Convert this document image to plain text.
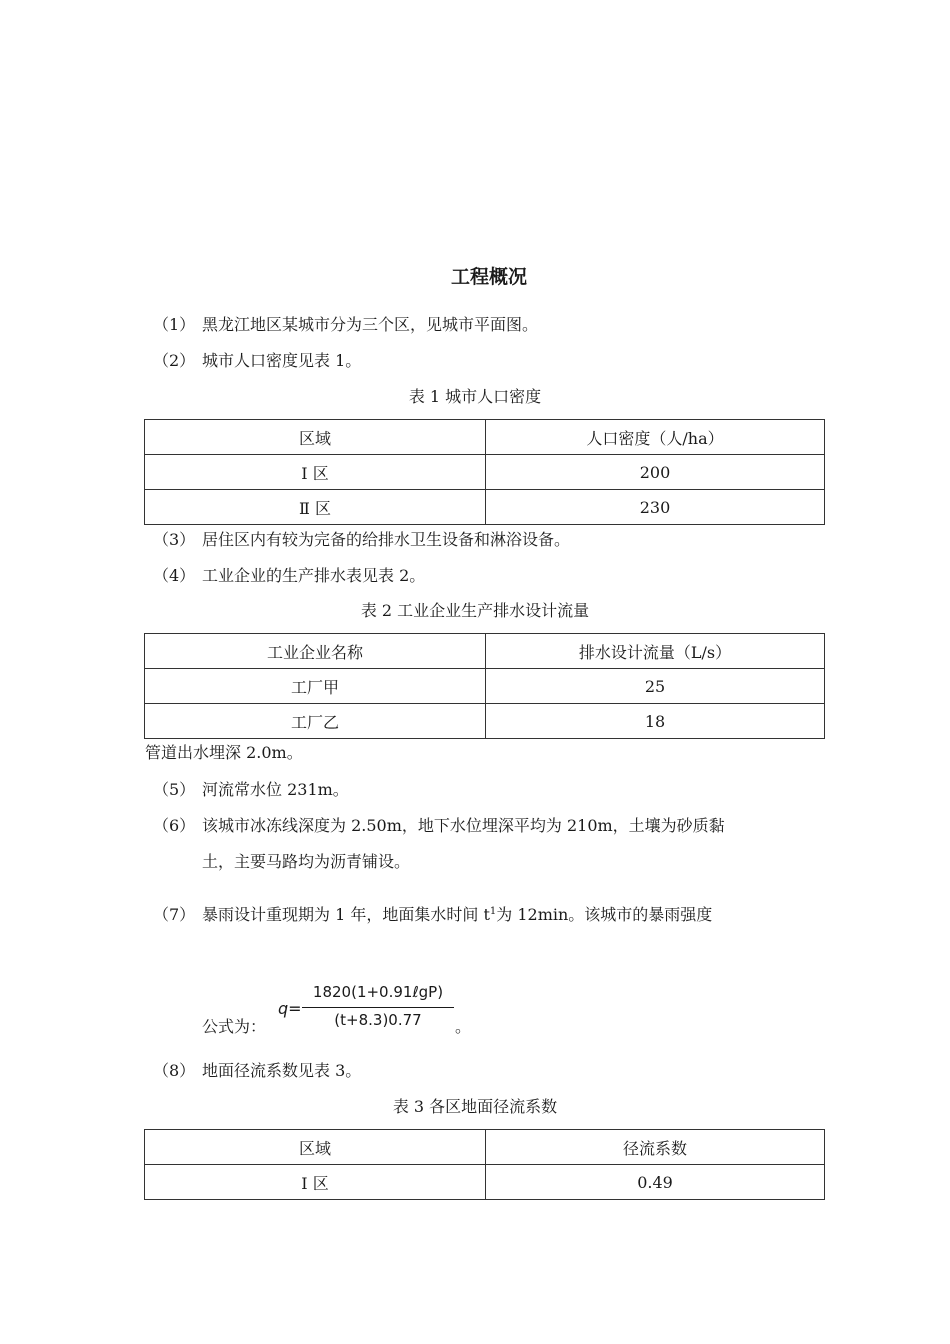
工程概况
（1） 黑龙江地区某城市分为三个区，见城市平面图。
（2） 城市人口密度见表 1。
表 1 城市人口密度
区域	人口密度（人/ha）
Ⅰ 区	200
Ⅱ 区	230
（3） 居住区内有较为完备的给排水卫生设备和淋浴设备。
（4） 工业企业的生产排水表见表 2。
表 2 工业企业生产排水设计流量
工业企业名称	排水设计流量（L/s）
工厂甲	25
工厂乙	18
管道出水埋深 2.0m。
（5） 河流常水位 231m。
（6） 该城市冰冻线深度为 2.50m，地下水位埋深平均为 210m，土壤为砂质黏
土，主要马路均为沥青铺设。
（7） 暴雨设计重现期为 1 年，地面集水时间 $t^1$为 12min。该城市的暴雨强度
公式为：
q=
1820(1+0.91ℓgP)
(t+8.3)0.77	。
（8） 地面径流系数见表 3。
表 3 各区地面径流系数
区域	径流系数
Ⅰ 区	0.49
